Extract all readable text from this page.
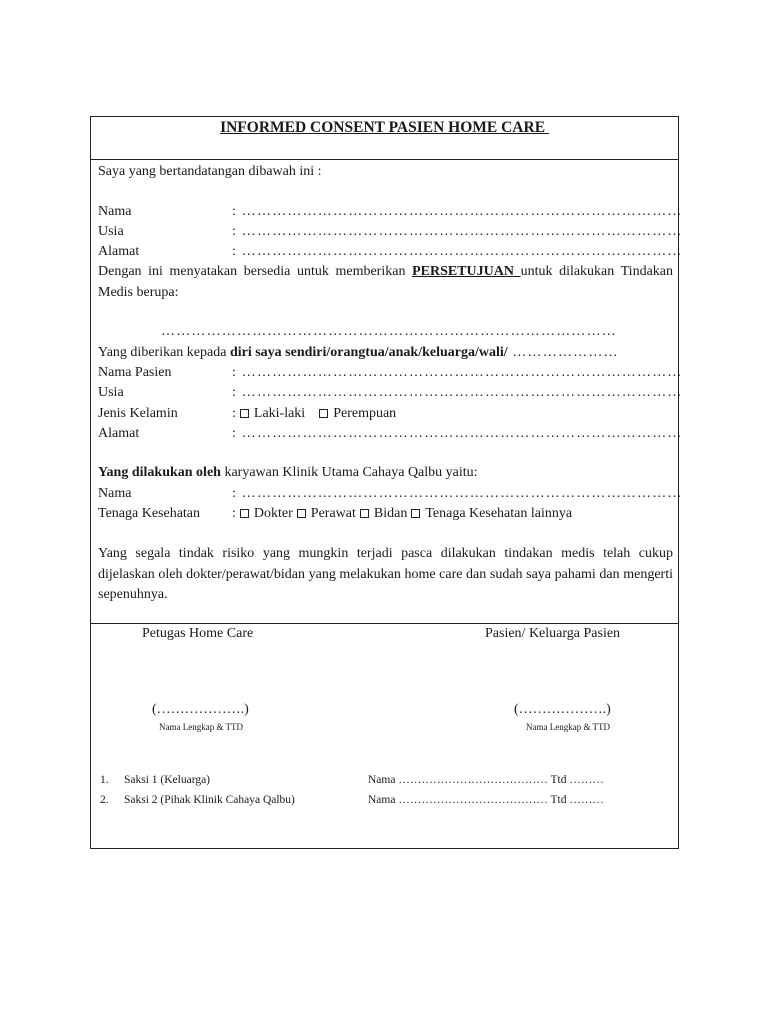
INFORMED CONSENT PASIEN HOME CARE
Saya yang bertandatangan dibawah ini :
Nama	: ……………………………………………………………………………
Usia	: ……………………………………………………………………………
Alamat	: ……………………………………………………………………………
Dengan ini menyatakan bersedia untuk memberikan PERSETUJUAN untuk dilakukan Tindakan Medis berupa:
………………………………………………………………………………
Yang diberikan kepada diri saya sendiri/orangtua/anak/keluarga/wali/ …………………
Nama Pasien	: ……………………………………………………………………………
Usia	: ……………………………………………………………………………
Jenis Kelamin	: Laki-laki Perempuan
Alamat	: ……………………………………………………………………………
Yang dilakukan oleh karyawan Klinik Utama Cahaya Qalbu yaitu:
Nama	: ……………………………………………………………………………
Tenaga Kesehatan : Dokter Perawat Bidan Tenaga Kesehatan lainnya
Yang segala tindak risiko yang mungkin terjadi pasca dilakukan tindakan medis telah cukup dijelaskan oleh dokter/perawat/bidan yang melakukan home care dan sudah saya pahami dan mengerti sepenuhnya.
Petugas Home Care	Pasien/ Keluarga Pasien
(……………….)
Nama Lengkap & TTD
(……………….)
Nama Lengkap & TTD
1. Saksi 1 (Keluarga)	Nama ………………………………… Ttd ………
2. Saksi 2 (Pihak Klinik Cahaya Qalbu)	Nama ………………………………… Ttd ………
